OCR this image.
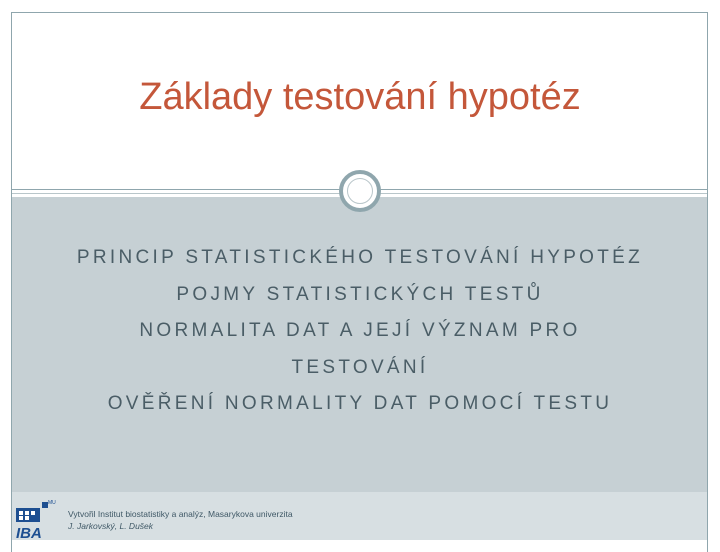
Základy testování hypotéz
PRINCIP STATISTICKÉHO TESTOVÁNÍ HYPOTÉZ
POJMY STATISTICKÝCH TESTŮ
NORMALITA DAT A JEJÍ VÝZNAM PRO
TESTOVÁNÍ
OVĚŘENÍ NORMALITY DAT POMOCÍ TESTU
MU
IBA
Vytvořil Institut biostatistiky a analýz, Masarykova univerzita
J. Jarkovský, L. Dušek
